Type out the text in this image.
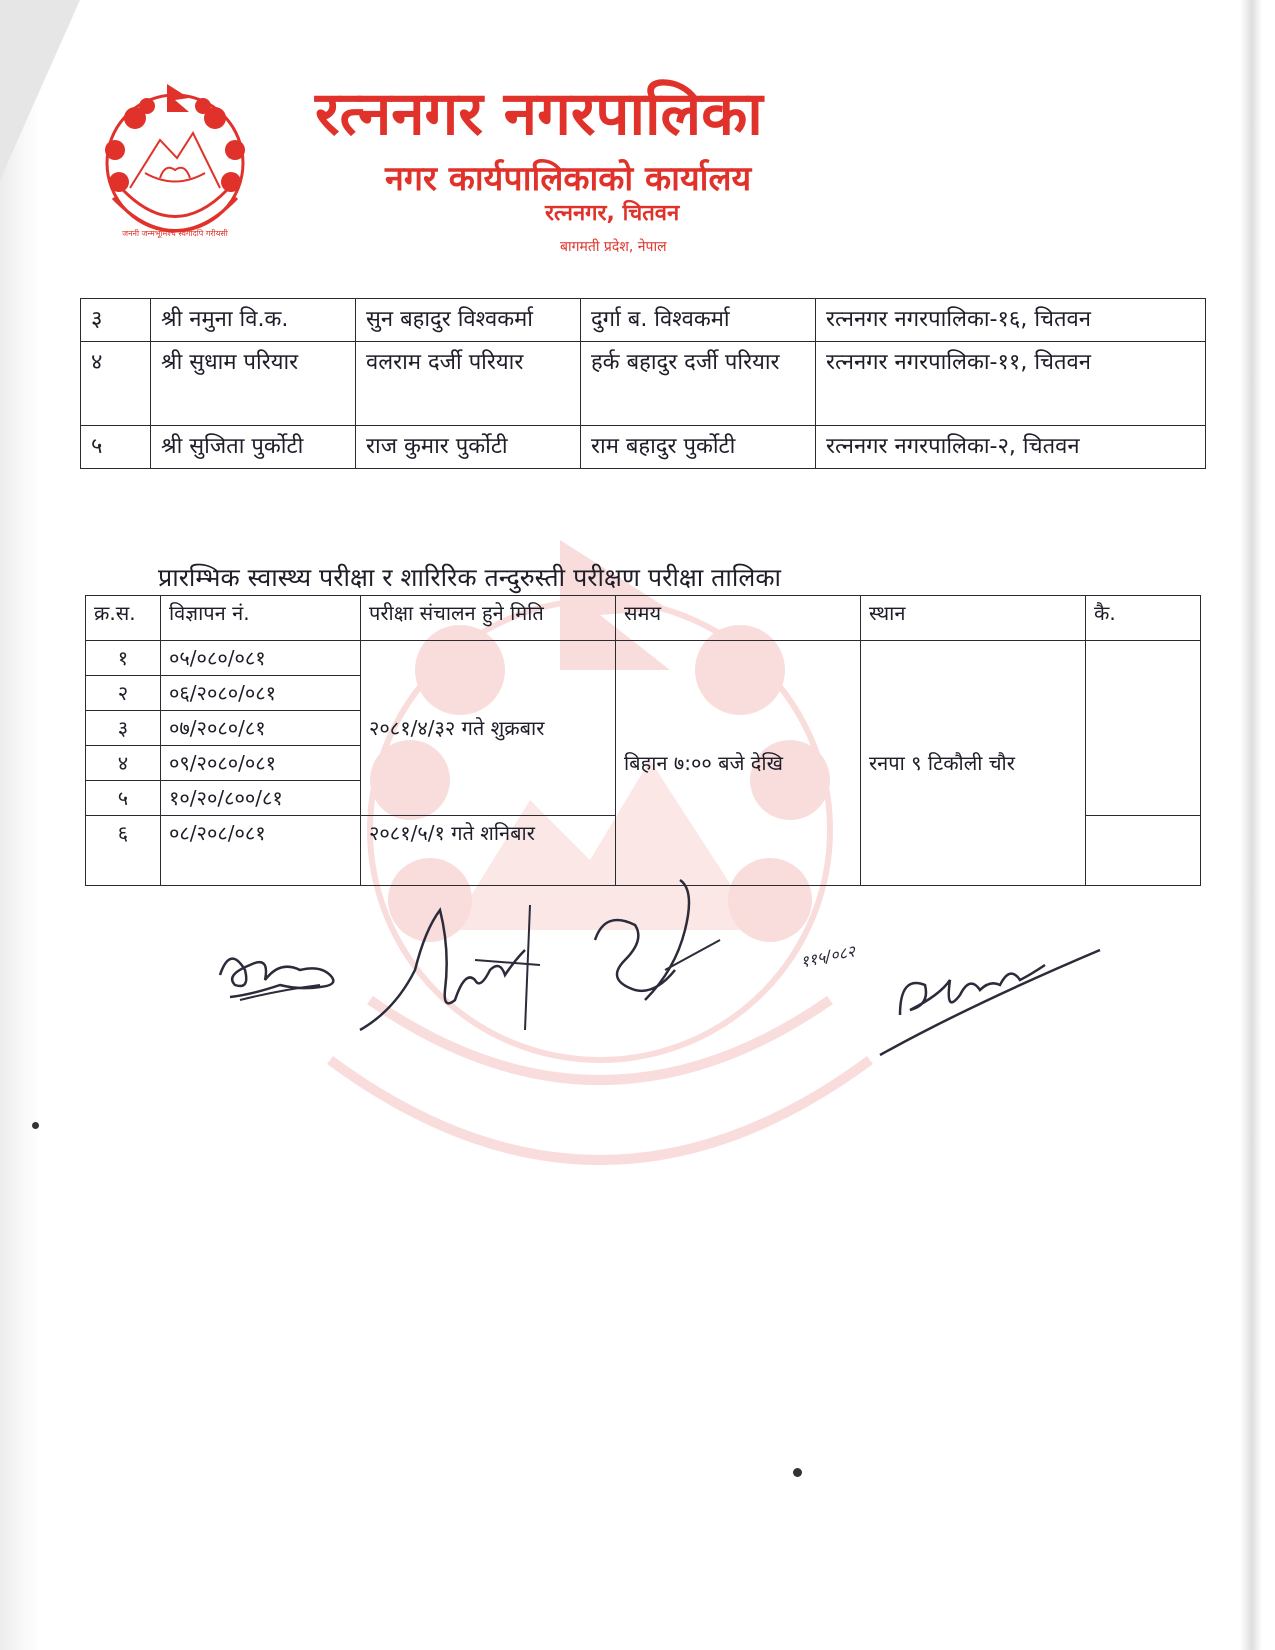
जननी जन्मभूमिश्च स्वर्गादपि गरीयसी
रत्ननगर नगरपालिका
नगर कार्यपालिकाको कार्यालय
रत्ननगर, चितवन
बागमती प्रदेश, नेपाल
३	श्री नमुना वि.क.	सुन बहादुर विश्वकर्मा	दुर्गा ब. विश्वकर्मा	रत्ननगर नगरपालिका-१६, चितवन
४	श्री सुधाम परियार	वलराम दर्जी परियार	हर्क बहादुर दर्जी परियार	रत्ननगर नगरपालिका-११, चितवन
५	श्री सुजिता पुर्कोटी	राज कुमार पुर्कोटी	राम बहादुर पुर्कोटी	रत्ननगर नगरपालिका-२, चितवन
प्रारम्भिक स्वास्थ्य परीक्षा र शारिरिक तन्दुरुस्ती परीक्षण परीक्षा तालिका
क्र.स.	विज्ञापन नं.	परीक्षा संचालन हुने मिति	समय	स्थान	कै.
१	०५/०८०/०८१	२०८१/४/३२ गते शुक्रबार	बिहान ७:०० बजे देखि	रनपा ९ टिकौली चौर	
२	०६/२०८०/०८१				
३	०७/२०८०/८१				
४	०९/२०८०/०८१				
५	१०/२०/८००/८१				
६	०८/२०८/०८१	२०८१/५/१ गते शनिबार			
११५/०८२
